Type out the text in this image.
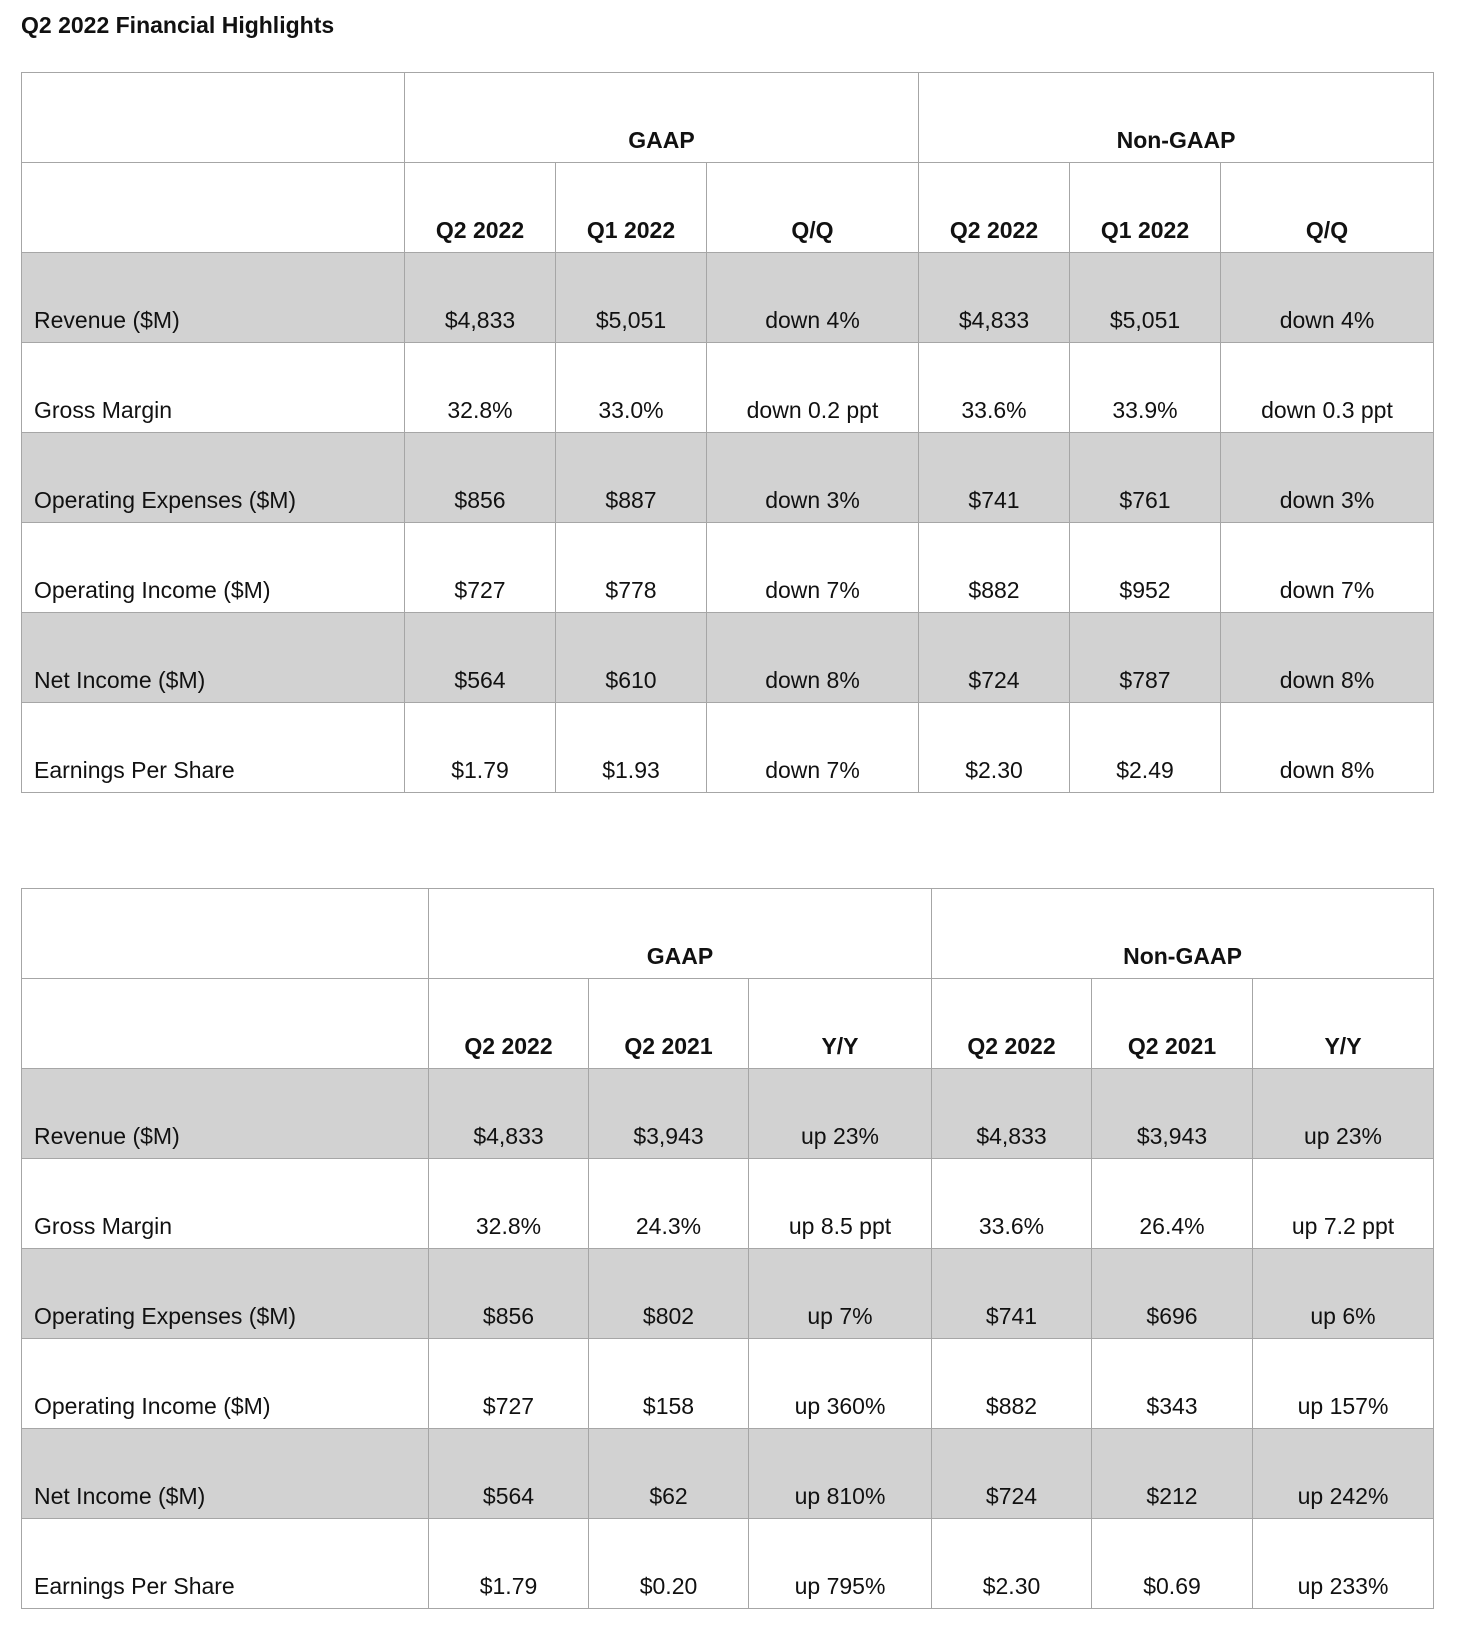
Q2 2022 Financial Highlights
	GAAP			Non-GAAP		
	Q2 2022	Q1 2022	Q/Q	Q2 2022	Q1 2022	Q/Q
Revenue ($M)	$4,833	$5,051	down 4%	$4,833	$5,051	down 4%
Gross Margin	32.8%	33.0%	down 0.2 ppt	33.6%	33.9%	down 0.3 ppt
Operating Expenses ($M)	$856	$887	down 3%	$741	$761	down 3%
Operating Income ($M)	$727	$778	down 7%	$882	$952	down 7%
Net Income ($M)	$564	$610	down 8%	$724	$787	down 8%
Earnings Per Share	$1.79	$1.93	down 7%	$2.30	$2.49	down 8%
	GAAP			Non-GAAP		
	Q2 2022	Q2 2021	Y/Y	Q2 2022	Q2 2021	Y/Y
Revenue ($M)	$4,833	$3,943	up 23%	$4,833	$3,943	up 23%
Gross Margin	32.8%	24.3%	up 8.5 ppt	33.6%	26.4%	up 7.2 ppt
Operating Expenses ($M)	$856	$802	up 7%	$741	$696	up 6%
Operating Income ($M)	$727	$158	up 360%	$882	$343	up 157%
Net Income ($M)	$564	$62	up 810%	$724	$212	up 242%
Earnings Per Share	$1.79	$0.20	up 795%	$2.30	$0.69	up 233%
